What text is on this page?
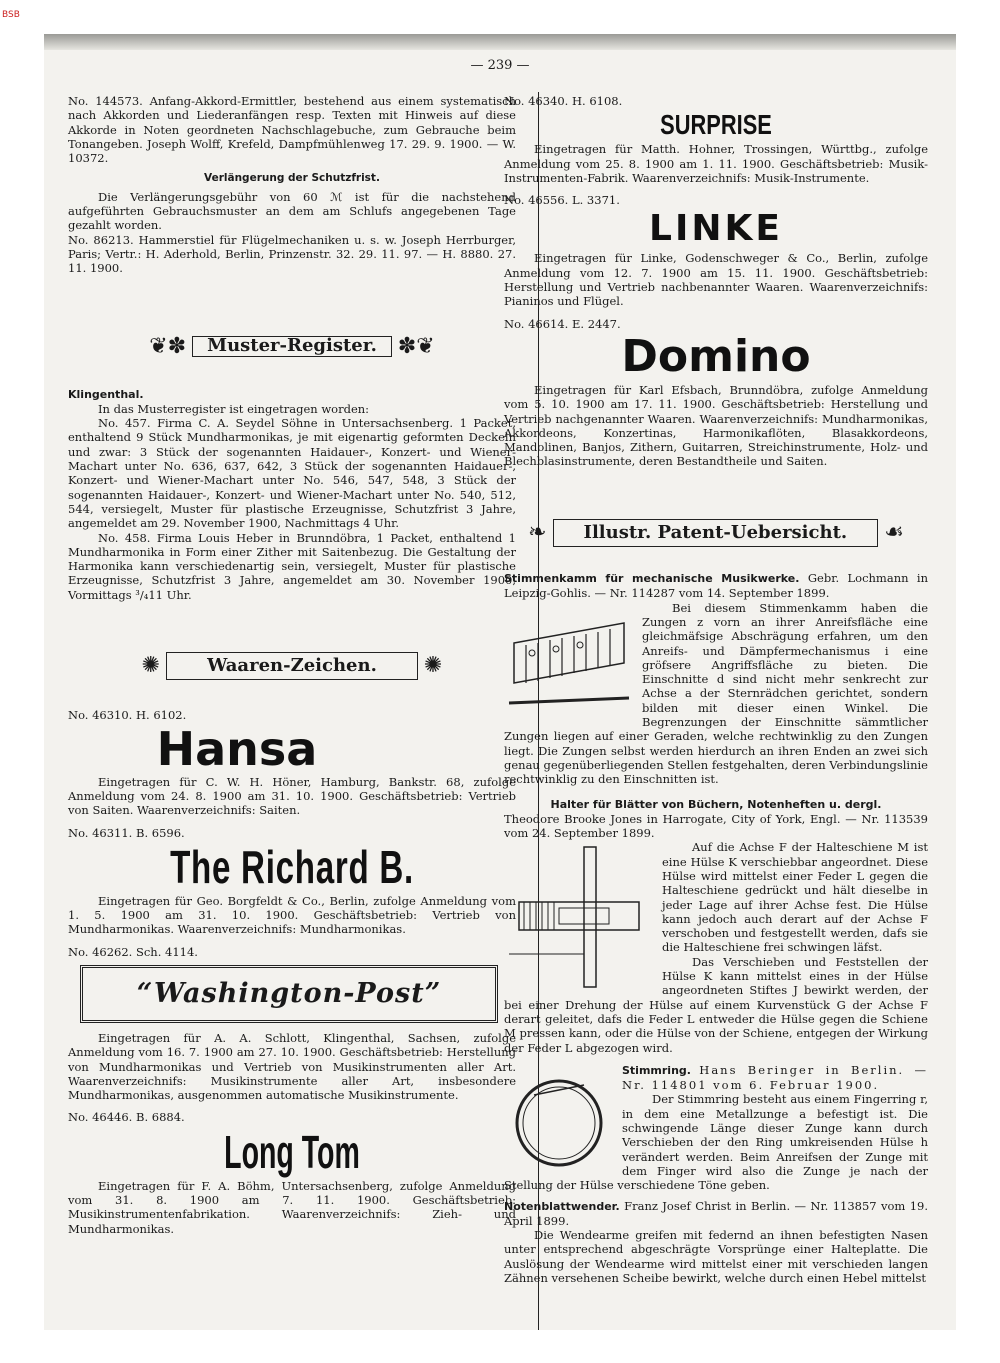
BSB
— 239 —

No. 144573. Anfang-Akkord-Ermittler, bestehend aus einem systematisch nach Akkorden und Liederanfängen resp. Texten mit Hinweis auf diese Akkorde in Noten geordneten Nachschlagebuche, zum Gebrauche beim Tonangeben. Joseph Wolff, Krefeld, Dampfmühlenweg 17. 29. 9. 1900. — W. 10372.

Verlängerung der Schutzfrist.

Die Verlängerungsgebühr von 60 ℳ ist für die nachstehend aufgeführten Gebrauchsmuster an dem am Schlufs angegebenen Tage gezahlt worden.

No. 86213. Hammerstiel für Flügelmechaniken u. s. w. Joseph Herrburger, Paris; Vertr.: H. Aderhold, Berlin, Prinzenstr. 32. 29. 11. 97. — H. 8880. 27. 11. 1900.

❦✽	Muster-Register. ✽❦

Klingenthal.

In das Musterregister ist eingetragen worden:

No. 457. Firma C. A. Seydel Söhne in Untersachsenberg. 1 Packet, enthaltend 9 Stück Mundharmonikas, je mit eigenartig geformten Deckeln und zwar: 3 Stück der sogenannten Haidauer-, Konzert- und Wiener-Machart unter No. 636, 637, 642, 3 Stück der sogenannten Haidauer-, Konzert- und Wiener-Machart unter No. 546, 547, 548, 3 Stück der sogenannten Haidauer-, Konzert- und Wiener-Machart unter No. 540, 512, 544, versiegelt, Muster für plastische Erzeugnisse, Schutzfrist 3 Jahre, angemeldet am 29. November 1900, Nachmittags 4 Uhr.

No. 458. Firma Louis Heber in Brunndöbra, 1 Packet, enthaltend 1 Mundharmonika in Form einer Zither mit Saitenbezug. Die Gestaltung der Harmonika kann verschiedenartig sein, versiegelt, Muster für plastische Erzeugnisse, Schutzfrist 3 Jahre, angemeldet am 30. November 1900, Vormittags ³/₄11 Uhr.

✺	Waaren-Zeichen.	✺

No. 46310. H. 6102.

Hansa

Eingetragen für C. W. H. Höner, Hamburg, Bankstr. 68, zufolge Anmeldung vom 24. 8. 1900 am 31. 10. 1900. Geschäftsbetrieb: Vertrieb von Saiten. Waarenverzeichnifs: Saiten.

No. 46311. B. 6596.

The Richard B.

Eingetragen für Geo. Borgfeldt & Co., Berlin, zufolge Anmeldung vom 1. 5. 1900 am 31. 10. 1900. Geschäftsbetrieb: Vertrieb von Mundharmonikas. Waarenverzeichnifs: Mundharmonikas.

No. 46262. Sch. 4114.

“Washington-Post”

Eingetragen für A. A. Schlott, Klingenthal, Sachsen, zufolge Anmeldung vom 16. 7. 1900 am 27. 10. 1900. Geschäftsbetrieb: Herstellung von Mundharmonikas und Vertrieb von Musikinstrumenten aller Art. Waarenverzeichnifs: Musikinstrumente aller Art, insbesondere Mundharmonikas, ausgenommen automatische Musikinstrumente.

No. 46446. B. 6884.

Long Tom

Eingetragen für F. A. Böhm, Untersachsenberg, zufolge Anmeldung vom 31. 8. 1900 am 7. 11. 1900. Geschäftsbetrieb: Musikinstrumentenfabrikation. Waarenverzeichnifs: Zieh- und Mundharmonikas.

No. 46340. H. 6108.

SURPRISE

Eingetragen für Matth. Hohner, Trossingen, Württbg., zufolge Anmeldung vom 25. 8. 1900 am 1. 11. 1900. Geschäftsbetrieb: Musik-Instrumenten-Fabrik. Waarenverzeichnifs: Musik-Instrumente.

No. 46556. L. 3371.

LINKE

Eingetragen für Linke, Godenschweger & Co., Berlin, zufolge Anmeldung vom 12. 7. 1900 am 15. 11. 1900. Geschäftsbetrieb: Herstellung und Vertrieb nachbenannter Waaren. Waarenverzeichnifs: Pianinos und Flügel.

No. 46614. E. 2447.

Domino

Eingetragen für Karl Efsbach, Brunndöbra, zufolge Anmeldung vom 5. 10. 1900 am 17. 11. 1900. Geschäftsbetrieb: Herstellung und Vertrieb nachgenannter Waaren. Waarenverzeichnifs: Mundharmonikas, Akkordeons, Konzertinas, Harmonikaflöten, Blasakkordeons, Mandolinen, Banjos, Zithern, Guitarren, Streichinstrumente, Holz- und Blechblasinstrumente, deren Bestandtheile und Saiten.

❧	Illustr. Patent-Uebersicht.	☙

Stimmenkamm für mechanische Musikwerke. Gebr. Lochmann in Leipzig-Gohlis. — Nr. 114287 vom 14. September 1899.

Bei diesem Stimmenkamm haben die Zungen z vorn an ihrer Anreifsfläche eine gleichmäfsige Abschrägung erfahren, um den Anreifs- und Dämpfermechanismus i eine gröfsere Angriffsfläche zu bieten. Die Einschnitte d sind nicht mehr senkrecht zur Achse a der Sternrädchen gerichtet, sondern bilden mit dieser einen Winkel. Die Begrenzungen der Einschnitte sämmtlicher Zungen liegen auf einer Geraden, welche rechtwinklig zu den Zungen liegt. Die Zungen selbst werden hierdurch an ihren Enden an zwei sich genau gegenüberliegenden Stellen festgehalten, deren Verbindungslinie rechtwinklig zu den Einschnitten ist.

Halter für Blätter von Büchern, Notenheften u. dergl.

Theodore Brooke Jones in Harrogate, City of York, Engl. — Nr. 113539 vom 24. September 1899.

Auf die Achse F der Halteschiene M ist eine Hülse K verschiebbar angeordnet. Diese Hülse wird mittelst einer Feder L gegen die Halteschiene gedrückt und hält dieselbe in jeder Lage auf ihrer Achse fest. Die Hülse kann jedoch auch derart auf der Achse F verschoben und festgestellt werden, dafs sie die Halteschiene frei schwingen läfst.

Das Verschieben und Feststellen der Hülse K kann mittelst eines in der Hülse angeordneten Stiftes J bewirkt werden, der bei einer Drehung der Hülse auf einem Kurvenstück G der Achse F derart geleitet, dafs die Feder L entweder die Hülse gegen die Schiene M pressen kann, oder die Hülse von der Schiene, entgegen der Wirkung der Feder L abgezogen wird.

Stimmring. Hans Beringer in Berlin. — Nr. 114801 vom 6. Februar 1900.

Der Stimmring besteht aus einem Fingerring r, in dem eine Metallzunge a befestigt ist. Die schwingende Länge dieser Zunge kann durch Verschieben der den Ring umkreisenden Hülse h verändert werden. Beim Anreifsen der Zunge mit dem Finger wird also die Zunge je nach der Stellung der Hülse verschiedene Töne geben.

Notenblattwender. Franz Josef Christ in Berlin. — Nr. 113857 vom 19. April 1899.

Die Wendearme greifen mit federnd an ihnen befestigten Nasen unter entsprechend abgeschrägte Vorsprünge einer Halteplatte. Die Auslösung der Wendearme wird mittelst einer mit verschieden langen Zähnen versehenen Scheibe bewirkt, welche durch einen Hebel mittelst
